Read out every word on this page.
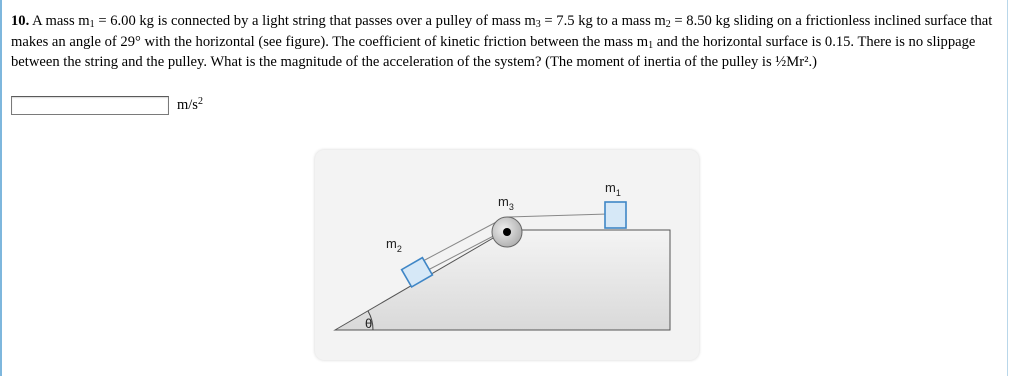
10. A mass $m_1 = 6.00$ kg is connected by a light string that passes over a pulley of mass $m_3 = 7.5$ kg to a mass $m_2 = 8.50$ kg sliding on a frictionless inclined surface that makes an angle of 29° with the horizontal (see figure). The coefficient of kinetic friction between the mass $m_1$ and the horizontal surface is 0.15. There is no slippage between the string and the pulley. What is the magnitude of the acceleration of the system? (The moment of inertia of the pulley is ½Mr².)
$m/s^2$
θ
$m_2$
$m_3$
$m_1$
